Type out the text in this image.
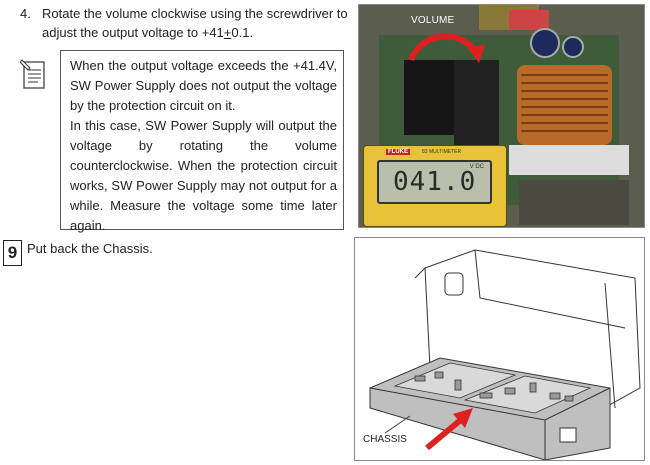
4. Rotate the volume clockwise using the screwdriver to adjust the output voltage to +41+0.1.

When the output voltage exceeds the +41.4V, SW Power Supply does not output the voltage by the protection circuit on it.

In this case, SW Power Supply will output the voltage by rotating the volume counterclockwise. When the protection circuit works, SW Power Supply may not output for a while. Measure the voltage some time later again.

9 Put back the Chassis.
VOLUME
FLUKE	83 MULTIMETER
041.0
V DC
CHASSIS
